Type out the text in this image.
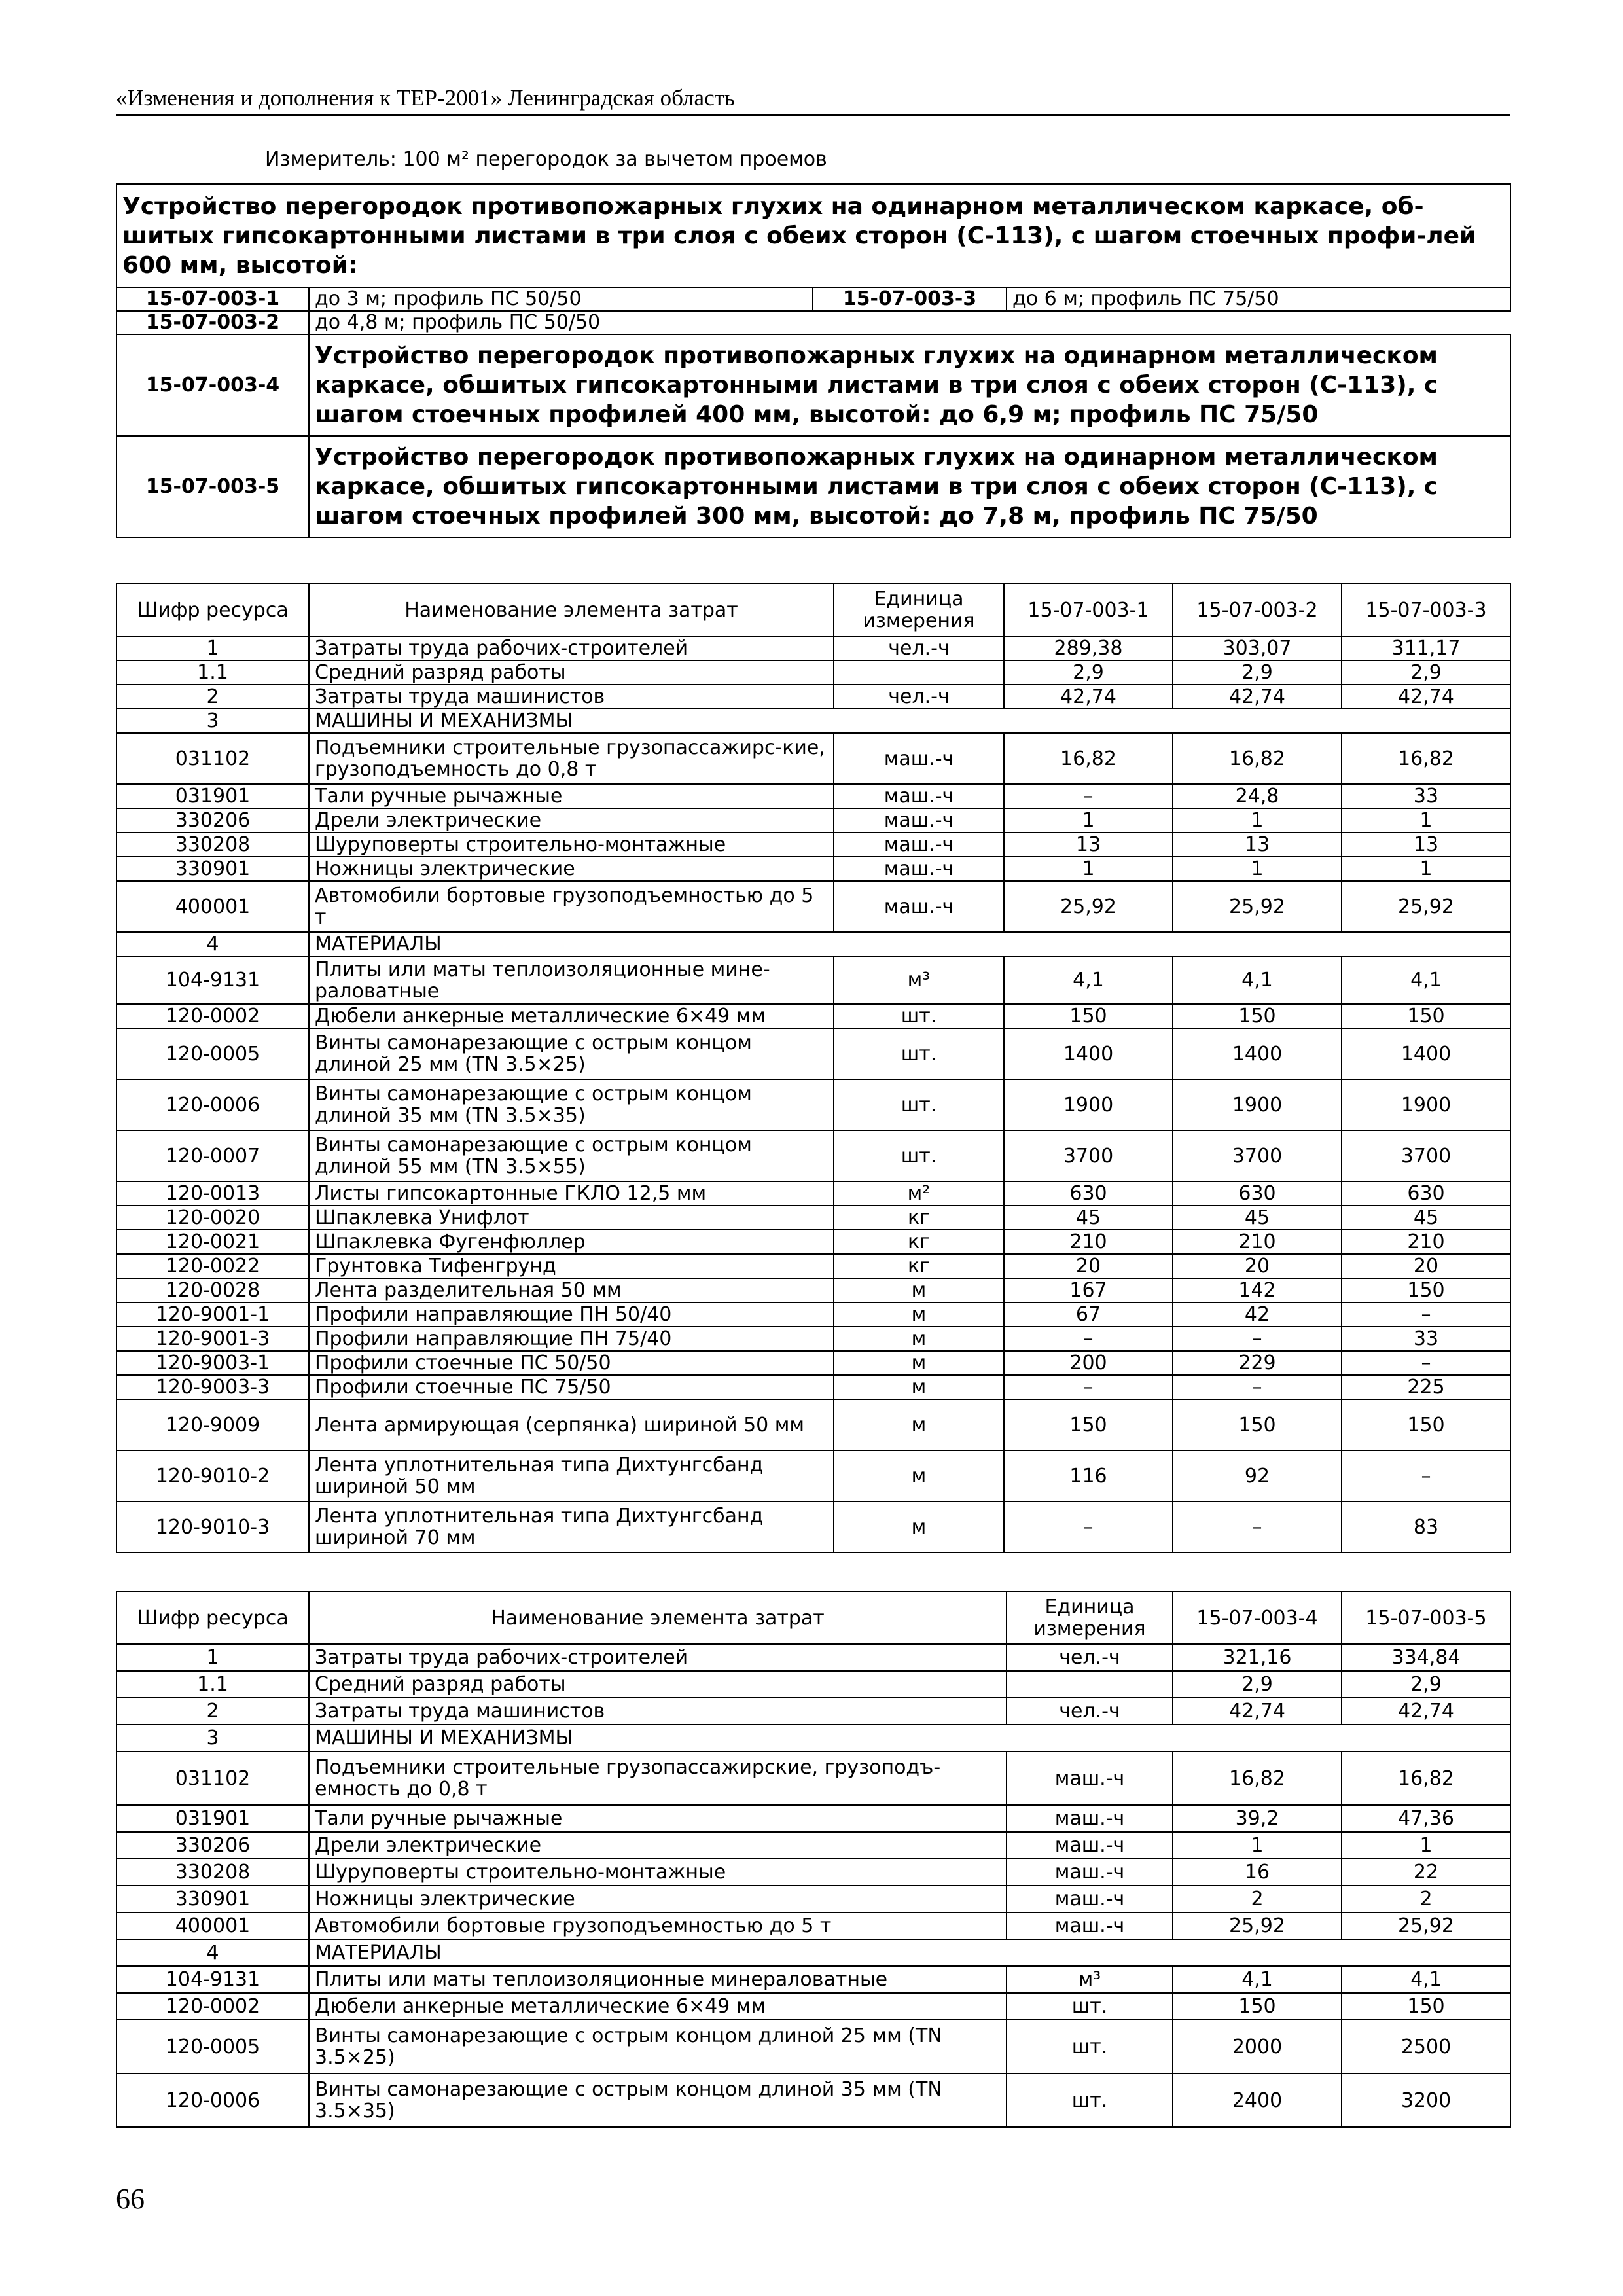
«Изменения и дополнения к ТЕР-2001» Ленинградская область
Измеритель: 100 м² перегородок за вычетом проемов
Устройство перегородок противопожарных глухих на одинарном металлическом каркасе, об-шитых гипсокартонными листами в три слоя с обеих сторон (С-113), с шагом стоечных профи-лей 600 мм, высотой:			
15-07-003-1	до 3 м; профиль ПС 50/50	15-07-003-3	до 6 м; профиль ПС 75/50
15-07-003-2	до 4,8 м; профиль ПС 50/50		
15-07-003-4	Устройство перегородок противопожарных глухих на одинарном металлическом каркасе, обшитых гипсокартонными листами в три слоя с обеих сторон (С-113), с шагом стоечных профилей 400 мм, высотой: до 6,9 м; профиль ПС 75/50		
15-07-003-5	Устройство перегородок противопожарных глухих на одинарном металлическом каркасе, обшитых гипсокартонными листами в три слоя с обеих сторон (С-113), с шагом стоечных профилей 300 мм, высотой: до 7,8 м, профиль ПС 75/50		
Шифр ресурса	Наименование элемента затрат	Единица измерения	15-07-003-1	15-07-003-2	15-07-003-3
1	Затраты труда рабочих-строителей	чел.-ч	289,38	303,07	311,17
1.1	Средний разряд работы		2,9	2,9	2,9
2	Затраты труда машинистов	чел.-ч	42,74	42,74	42,74
3	МАШИНЫ И МЕХАНИЗМЫ				
031102	Подъемники строительные грузопассажирс-кие, грузоподъемность до 0,8 т	маш.-ч	16,82	16,82	16,82
031901	Тали ручные рычажные	маш.-ч	–	24,8	33
330206	Дрели электрические	маш.-ч	1	1	1
330208	Шуруповерты строительно-монтажные	маш.-ч	13	13	13
330901	Ножницы электрические	маш.-ч	1	1	1
400001	Автомобили бортовые грузоподъемностью до 5 т	маш.-ч	25,92	25,92	25,92
4	МАТЕРИАЛЫ				
104-9131	Плиты или маты теплоизоляционные мине-раловатные	м³	4,1	4,1	4,1
120-0002	Дюбели анкерные металлические 6×49 мм	шт.	150	150	150
120-0005	Винты самонарезающие с острым концом длиной 25 мм (TN 3.5×25)	шт.	1400	1400	1400
120-0006	Винты самонарезающие с острым концом длиной 35 мм (TN 3.5×35)	шт.	1900	1900	1900
120-0007	Винты самонарезающие с острым концом длиной 55 мм (TN 3.5×55)	шт.	3700	3700	3700
120-0013	Листы гипсокартонные ГКЛО 12,5 мм	м²	630	630	630
120-0020	Шпаклевка Унифлот	кг	45	45	45
120-0021	Шпаклевка Фугенфюллер	кг	210	210	210
120-0022	Грунтовка Тифенгрунд	кг	20	20	20
120-0028	Лента разделительная 50 мм	м	167	142	150
120-9001-1	Профили направляющие ПН 50/40	м	67	42	–
120-9001-3	Профили направляющие ПН 75/40	м	–	–	33
120-9003-1	Профили стоечные ПС 50/50	м	200	229	–
120-9003-3	Профили стоечные ПС 75/50	м	–	–	225
120-9009	Лента армирующая (серпянка) шириной 50 мм	м	150	150	150
120-9010-2	Лента уплотнительная типа Дихтунгсбанд шириной 50 мм	м	116	92	–
120-9010-3	Лента уплотнительная типа Дихтунгсбанд шириной 70 мм	м	–	–	83
Шифр ресурса	Наименование элемента затрат	Единица измерения	15-07-003-4	15-07-003-5
1	Затраты труда рабочих-строителей	чел.-ч	321,16	334,84
1.1	Средний разряд работы		2,9	2,9
2	Затраты труда машинистов	чел.-ч	42,74	42,74
3	МАШИНЫ И МЕХАНИЗМЫ			
031102	Подъемники строительные грузопассажирские, грузоподъ-емность до 0,8 т	маш.-ч	16,82	16,82
031901	Тали ручные рычажные	маш.-ч	39,2	47,36
330206	Дрели электрические	маш.-ч	1	1
330208	Шуруповерты строительно-монтажные	маш.-ч	16	22
330901	Ножницы электрические	маш.-ч	2	2
400001	Автомобили бортовые грузоподъемностью до 5 т	маш.-ч	25,92	25,92
4	МАТЕРИАЛЫ			
104-9131	Плиты или маты теплоизоляционные минераловатные	м³	4,1	4,1
120-0002	Дюбели анкерные металлические 6×49 мм	шт.	150	150
120-0005	Винты самонарезающие с острым концом длиной 25 мм (TN 3.5×25)	шт.	2000	2500
120-0006	Винты самонарезающие с острым концом длиной 35 мм (TN 3.5×35)	шт.	2400	3200
66
